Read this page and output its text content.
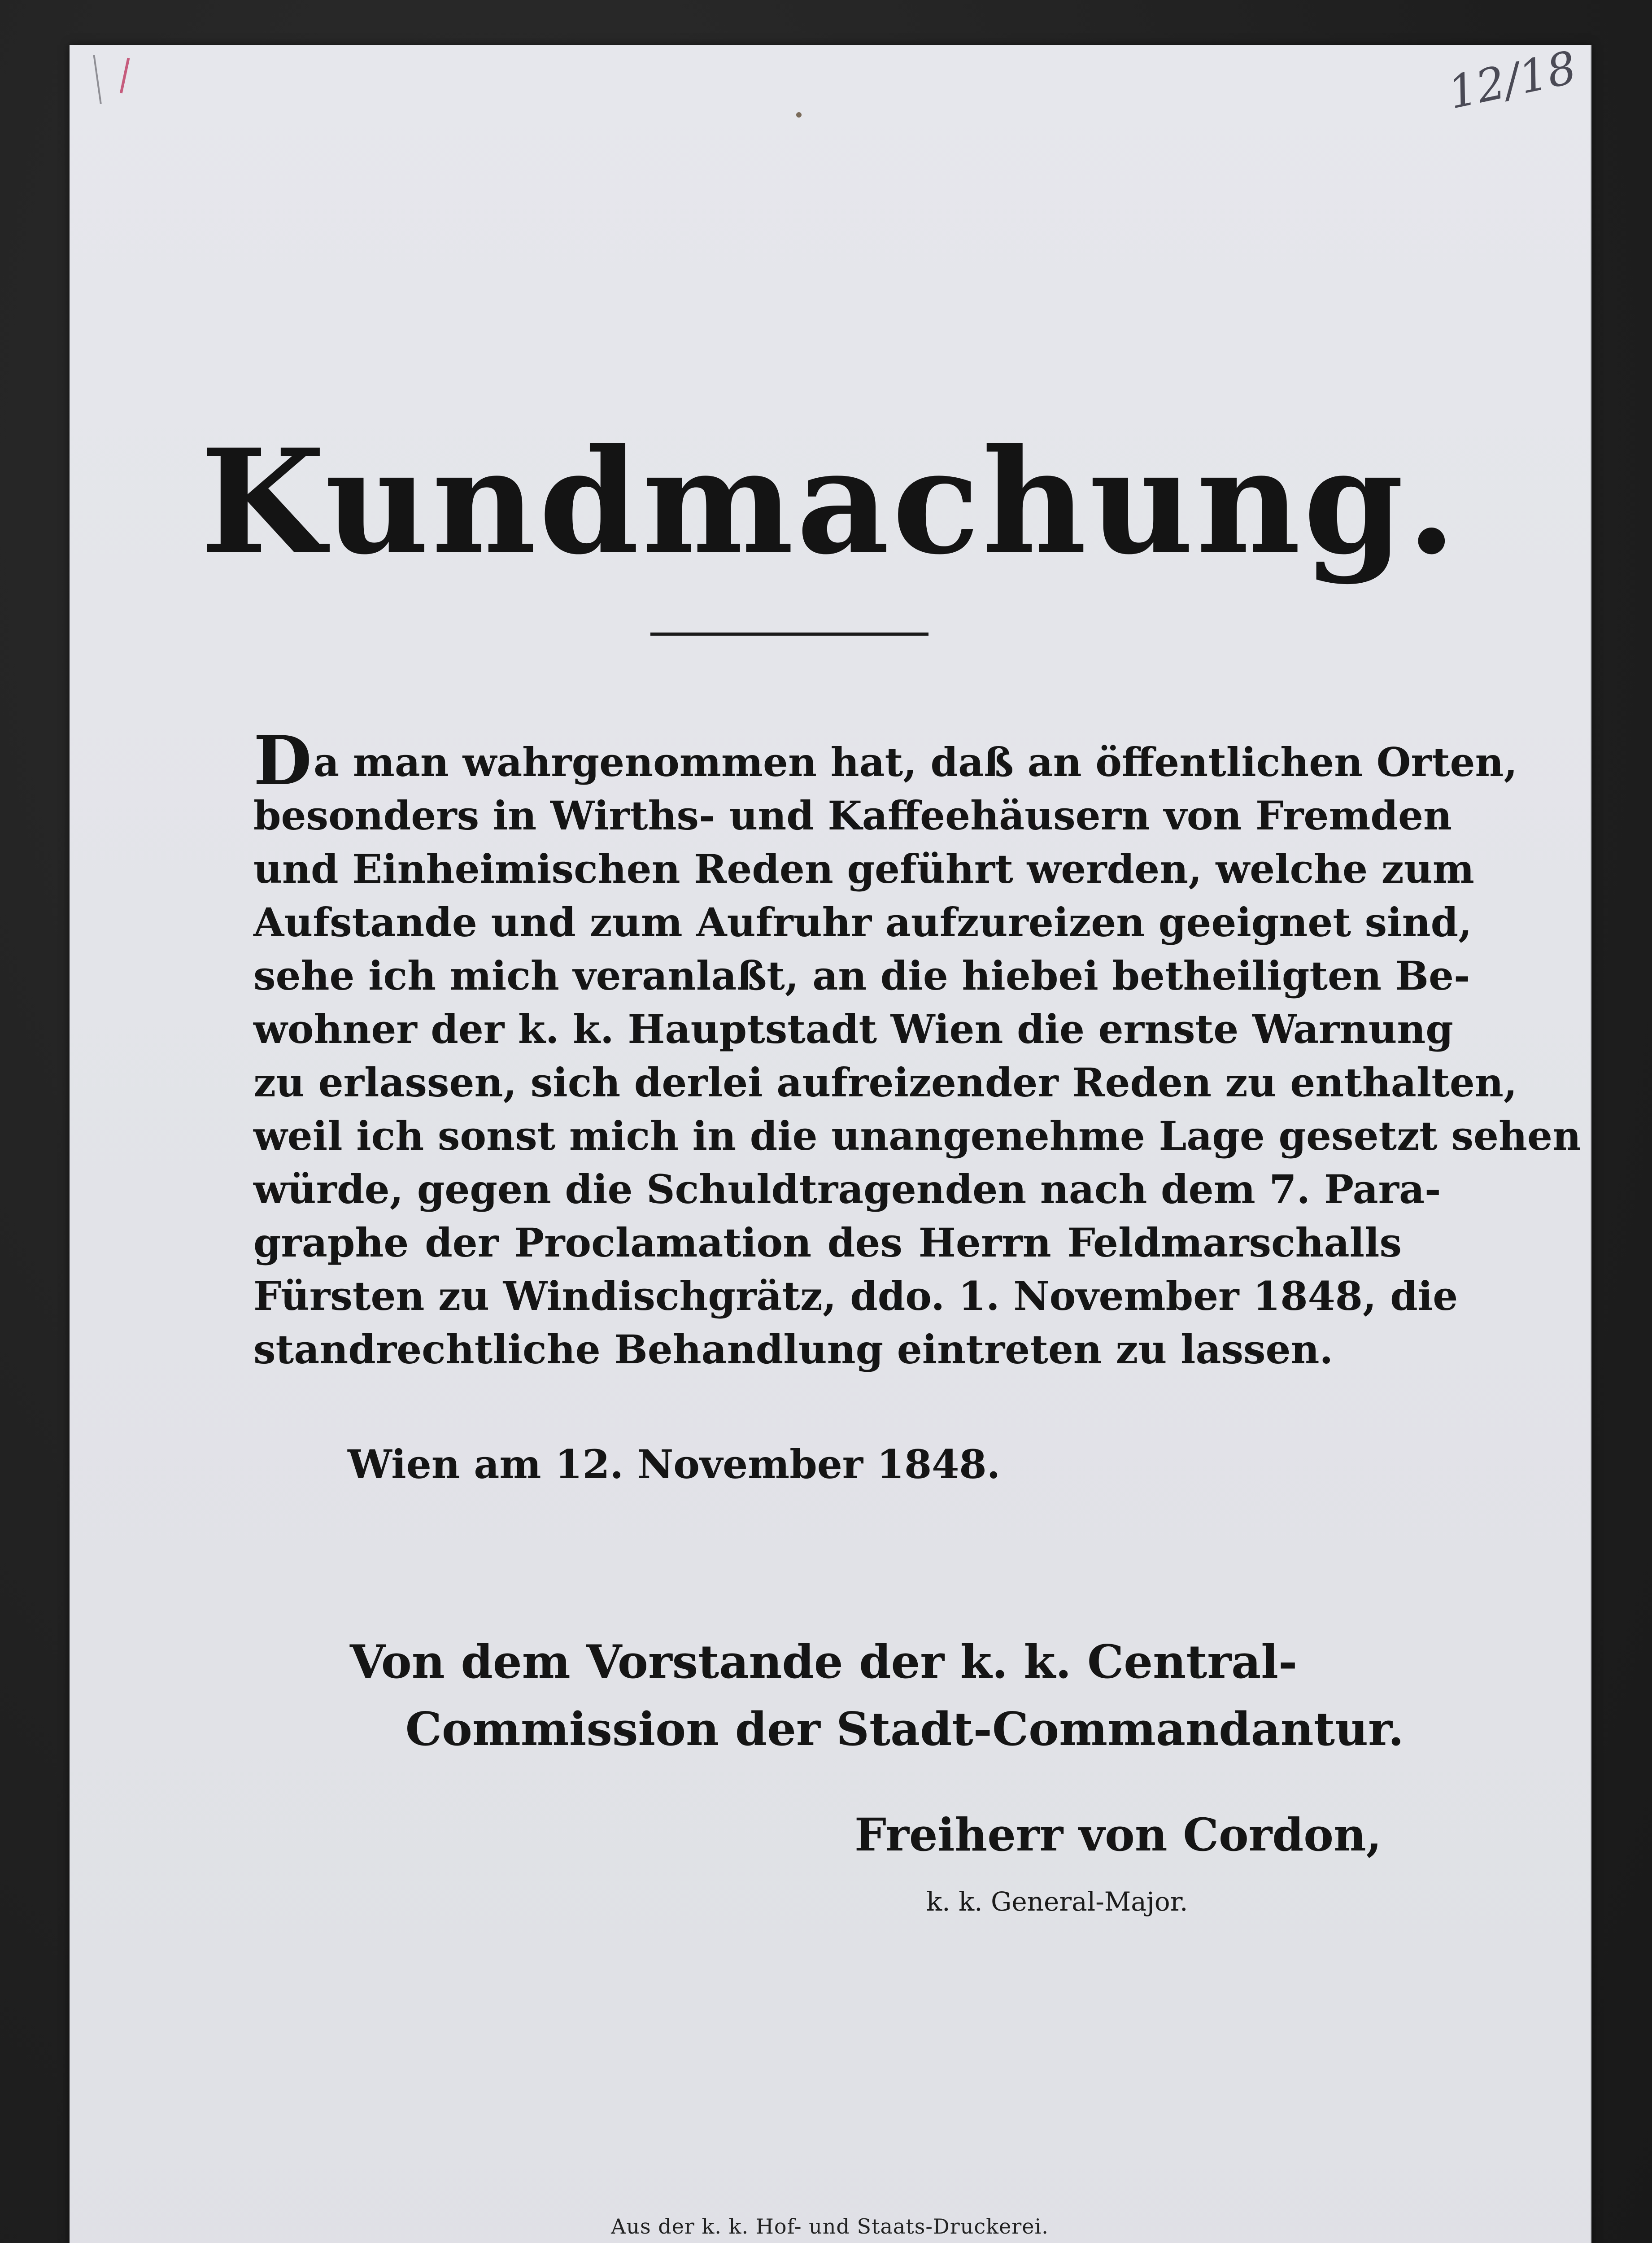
12/18
Kundmachung.
Da man wahrgenommen hat, daß an öffentlichen Orten,
besonders in Wirths- und Kaffeehäusern von Fremden
und Einheimischen Reden geführt werden, welche zum
Aufstande und zum Aufruhr aufzureizen geeignet sind,
sehe ich mich veranlaßt, an die hiebei betheiligten Be-
wohner der k. k. Hauptstadt Wien die ernste Warnung
zu erlassen, sich derlei aufreizender Reden zu enthalten,
weil ich sonst mich in die unangenehme Lage gesetzt sehen
würde, gegen die Schuldtragenden nach dem 7. Para-
graphe der Proclamation des Herrn Feldmarschalls
Fürsten zu Windischgrätz, ddo. 1. November 1848, die
standrechtliche Behandlung eintreten zu lassen.
Wien am 12. November 1848.
Von dem Vorstande der k. k. Central-
Commission der Stadt-Commandantur.
Freiherr von Cordon,
k. k. General-Major.
Aus der k. k. Hof- und Staats-Druckerei.
